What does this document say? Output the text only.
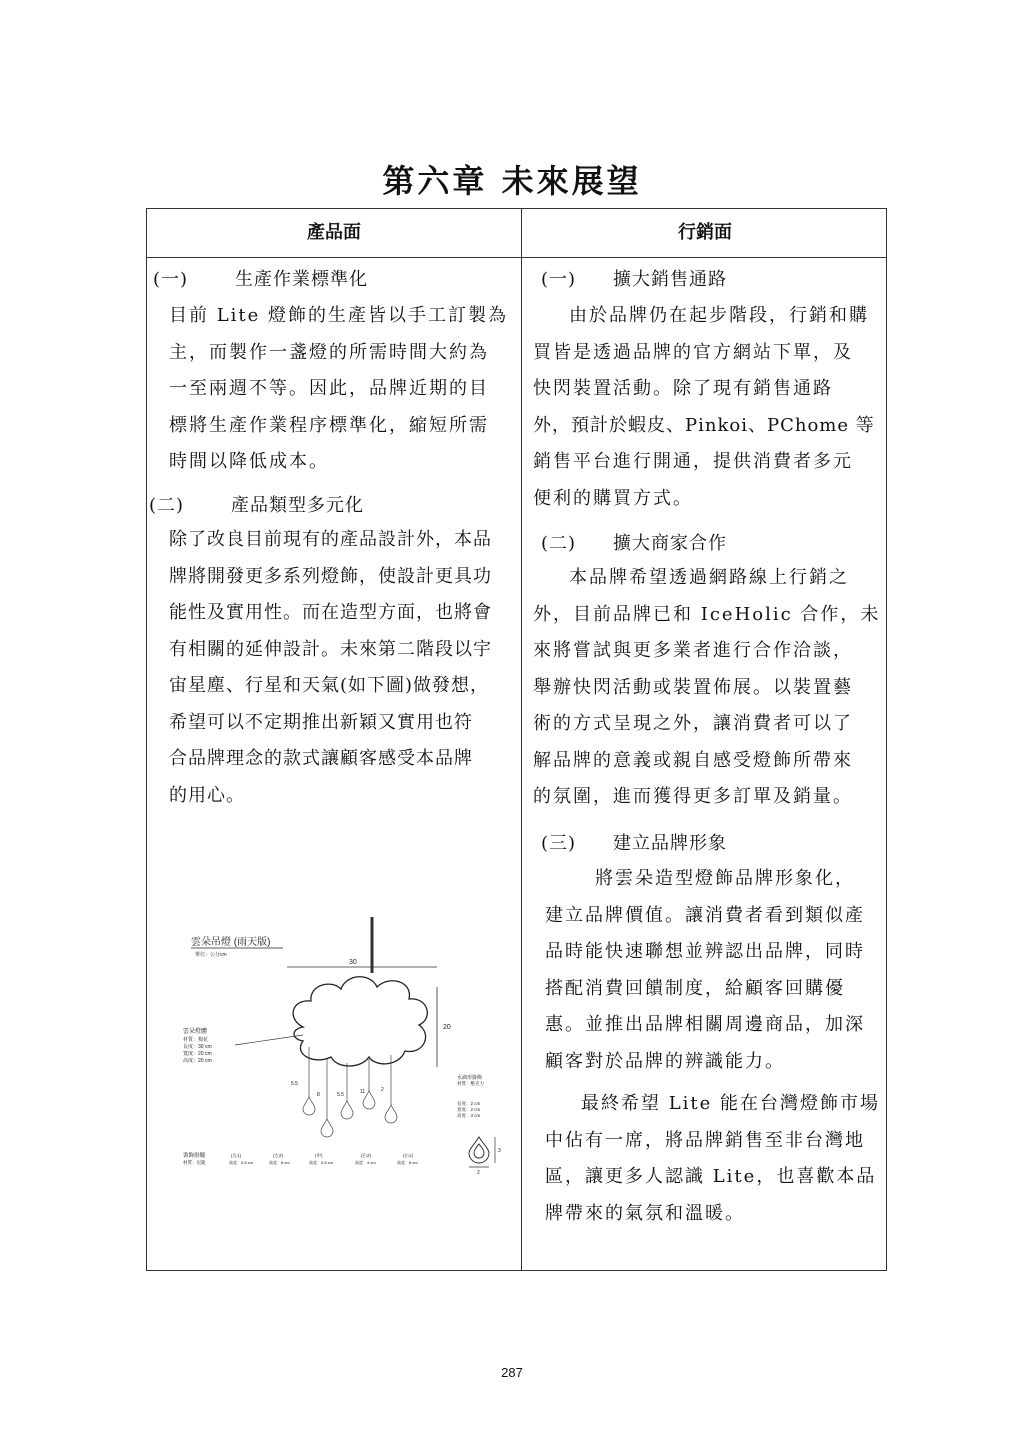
第六章 未來展望
產品面	行銷面
(一)	生產作業標準化
目前 Lite 燈飾的生產皆以手工訂製為
主，而製作一盞燈的所需時間大約為
一至兩週不等。因此，品牌近期的目
標將生產作業程序標準化，縮短所需
時間以降低成本。
(二)	產品類型多元化
除了改良目前現有的產品設計外，本品
牌將開發更多系列燈飾，使設計更具功
能性及實用性。而在造型方面，也將會
有相關的延伸設計。未來第二階段以宇
宙星塵、行星和天氣(如下圖)做發想，
希望可以不定期推出新穎又實用也符
合品牌理念的款式讓顧客感受本品牌
的用心。
雲朵吊燈 (雨天版)
單位：公分cm
30
20
雲朵燈體
材質：棉花
長度：30 cm
寬度：20 cm
高度：20 cm
5.5
8	5.5	11	2
水滴形掛飾
材質：壓克力
長度：2 cm
寬度：2 cm
高度：3 cm
3
2
裝飾掛繩
材質：尼龍
(左1)
高度：5.5 cm
(左2)
高度：8 cm
(中)
高度：5.5 cm
(右2)
高度：4 cm
(右1)
高度：8 cm
(一) 擴大銷售通路
由於品牌仍在起步階段，行銷和購
買皆是透過品牌的官方網站下單，及
快閃裝置活動。除了現有銷售通路
外，預計於蝦皮、Pinkoi、PChome 等
銷售平台進行開通，提供消費者多元
便利的購買方式。
(二) 擴大商家合作
本品牌希望透過網路線上行銷之
外，目前品牌已和 IceHolic 合作，未
來將嘗試與更多業者進行合作洽談，
舉辦快閃活動或裝置佈展。以裝置藝
術的方式呈現之外，讓消費者可以了
解品牌的意義或親自感受燈飾所帶來
的氛圍，進而獲得更多訂單及銷量。
(三) 建立品牌形象
將雲朵造型燈飾品牌形象化，
建立品牌價值。讓消費者看到類似產
品時能快速聯想並辨認出品牌，同時
搭配消費回饋制度，給顧客回購優
惠。並推出品牌相關周邊商品，加深
顧客對於品牌的辨識能力。
最終希望 Lite 能在台灣燈飾市場
中佔有一席，將品牌銷售至非台灣地
區，讓更多人認識 Lite，也喜歡本品
牌帶來的氣氛和溫暖。
287
